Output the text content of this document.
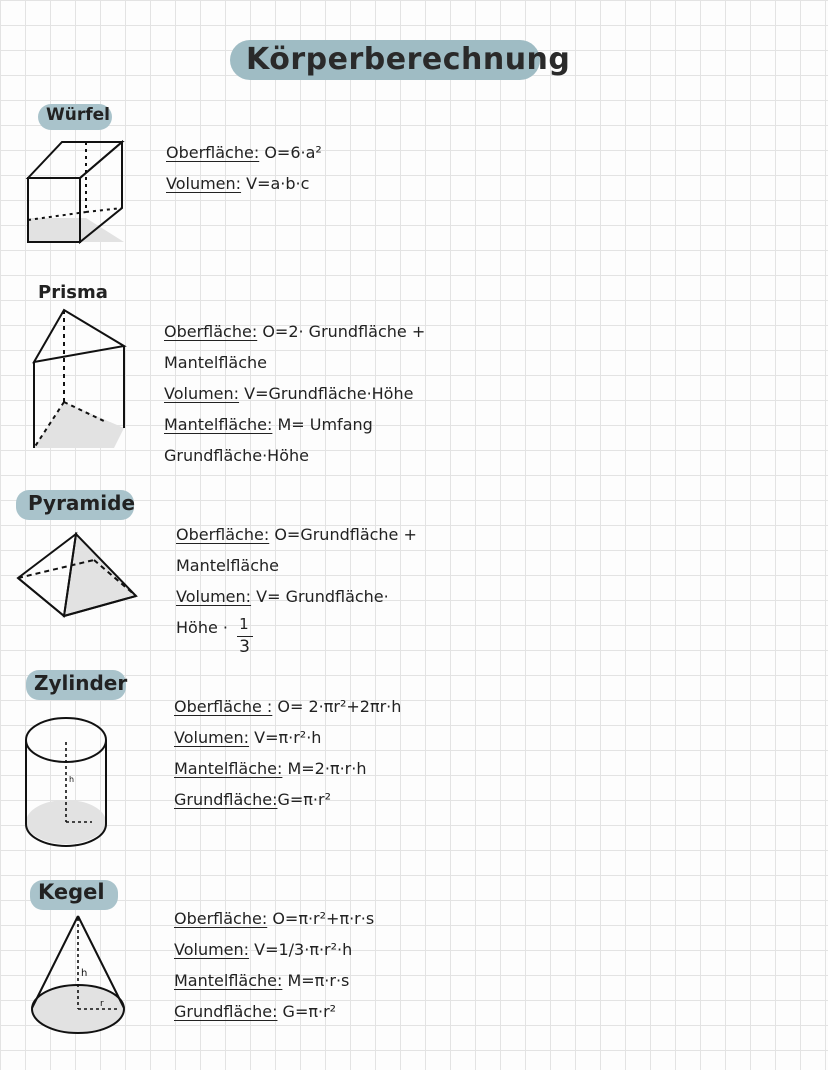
Körperberechnung
Würfel
Oberfläche: O=6·a²
Volumen: V=a·b·c
Prisma
Oberfläche: O=2· Grundfläche +
Mantelfläche
Volumen: V=Grundfläche·Höhe
Mantelfläche: M= Umfang
Grundfläche·Höhe
Pyramide
Oberfläche: O=Grundfläche +
Mantelfläche
Volumen: V= Grundfläche·
Höhe · $\frac{1}{3}$
Zylinder
h
Oberfläche : O= 2·πr²+2πr·h
Volumen: V=π·r²·h
Mantelfläche: M=2·π·r·h
Grundfläche:G=π·r²
Kegel
h
r
Oberfläche: O=π·r²+π·r·s
Volumen: V=1/3·π·r²·h
Mantelfläche: M=π·r·s
Grundfläche: G=π·r²
